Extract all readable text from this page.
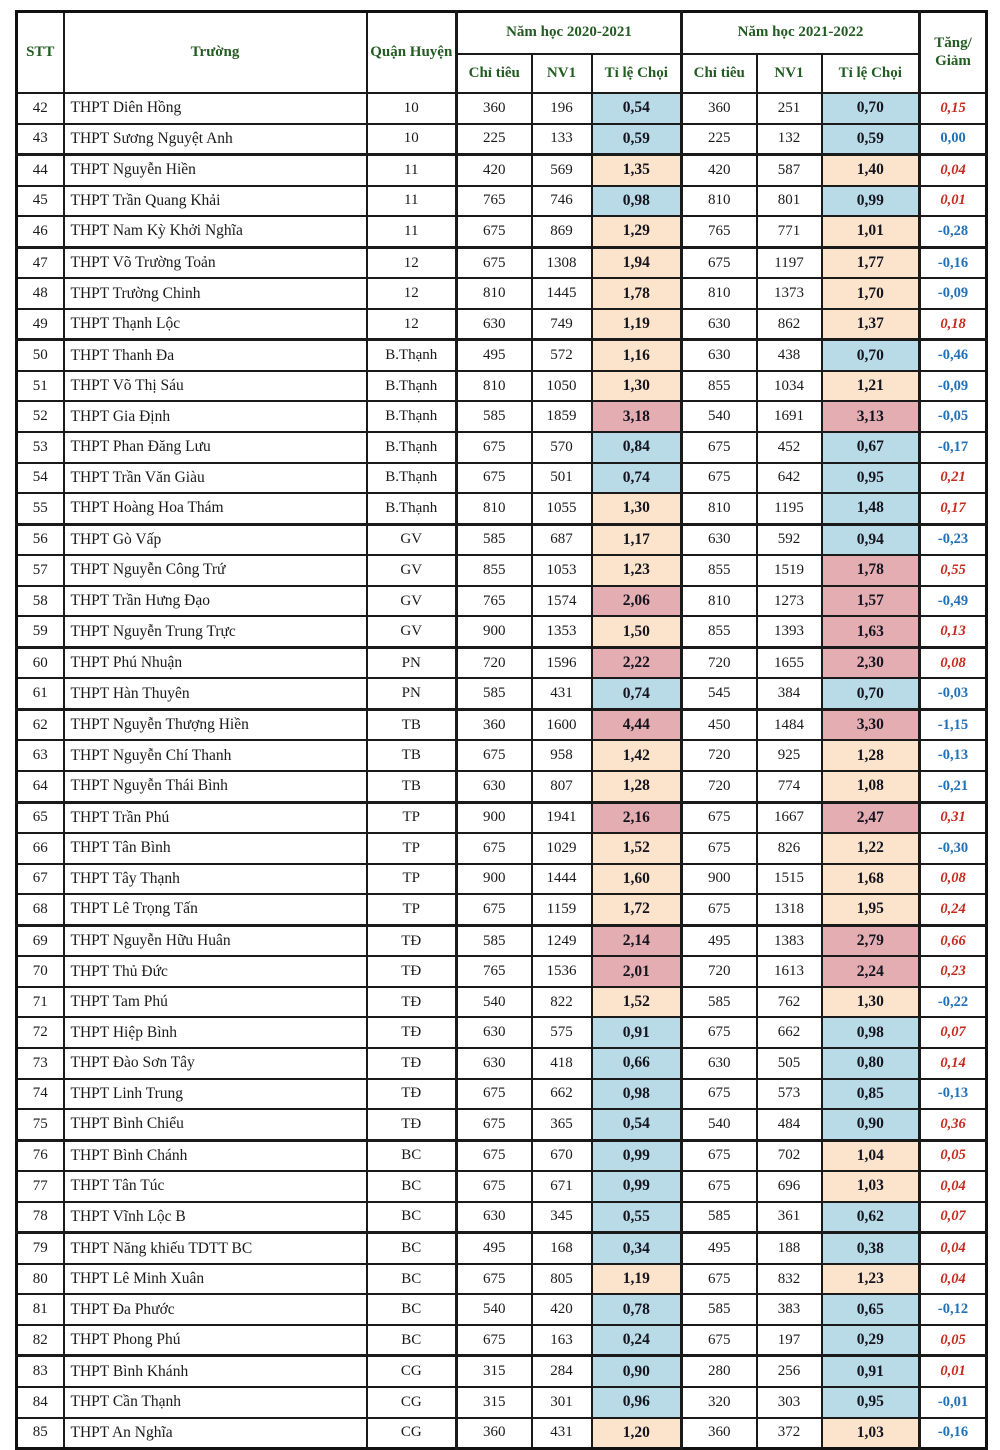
STT	Trường	Quận Huyện	Năm học 2020-2021			Năm học 2021-2022			Tăng/ Giảm
			Chỉ tiêu	NV1	Tỉ lệ Chọi	Chỉ tiêu	NV1	Tỉ lệ Chọi	
42	THPT Diên Hồng	10	360	196	0,54	360	251	0,70	0,15
43	THPT Sương Nguyệt Anh	10	225	133	0,59	225	132	0,59	0,00
44	THPT Nguyễn Hiền	11	420	569	1,35	420	587	1,40	0,04
45	THPT Trần Quang Khải	11	765	746	0,98	810	801	0,99	0,01
46	THPT Nam Kỳ Khởi Nghĩa	11	675	869	1,29	765	771	1,01	-0,28
47	THPT Võ Trường Toản	12	675	1308	1,94	675	1197	1,77	-0,16
48	THPT Trường Chinh	12	810	1445	1,78	810	1373	1,70	-0,09
49	THPT Thạnh Lộc	12	630	749	1,19	630	862	1,37	0,18
50	THPT Thanh Đa	B.Thạnh	495	572	1,16	630	438	0,70	-0,46
51	THPT Võ Thị Sáu	B.Thạnh	810	1050	1,30	855	1034	1,21	-0,09
52	THPT Gia Định	B.Thạnh	585	1859	3,18	540	1691	3,13	-0,05
53	THPT Phan Đăng Lưu	B.Thạnh	675	570	0,84	675	452	0,67	-0,17
54	THPT Trần Văn Giàu	B.Thạnh	675	501	0,74	675	642	0,95	0,21
55	THPT Hoàng Hoa Thám	B.Thạnh	810	1055	1,30	810	1195	1,48	0,17
56	THPT Gò Vấp	GV	585	687	1,17	630	592	0,94	-0,23
57	THPT Nguyễn Công Trứ	GV	855	1053	1,23	855	1519	1,78	0,55
58	THPT Trần Hưng Đạo	GV	765	1574	2,06	810	1273	1,57	-0,49
59	THPT Nguyễn Trung Trực	GV	900	1353	1,50	855	1393	1,63	0,13
60	THPT Phú Nhuận	PN	720	1596	2,22	720	1655	2,30	0,08
61	THPT Hàn Thuyên	PN	585	431	0,74	545	384	0,70	-0,03
62	THPT Nguyễn Thượng Hiền	TB	360	1600	4,44	450	1484	3,30	-1,15
63	THPT Nguyễn Chí Thanh	TB	675	958	1,42	720	925	1,28	-0,13
64	THPT Nguyễn Thái Bình	TB	630	807	1,28	720	774	1,08	-0,21
65	THPT Trần Phú	TP	900	1941	2,16	675	1667	2,47	0,31
66	THPT Tân Bình	TP	675	1029	1,52	675	826	1,22	-0,30
67	THPT Tây Thạnh	TP	900	1444	1,60	900	1515	1,68	0,08
68	THPT Lê Trọng Tấn	TP	675	1159	1,72	675	1318	1,95	0,24
69	THPT Nguyễn Hữu Huân	TĐ	585	1249	2,14	495	1383	2,79	0,66
70	THPT Thủ Đức	TĐ	765	1536	2,01	720	1613	2,24	0,23
71	THPT Tam Phú	TĐ	540	822	1,52	585	762	1,30	-0,22
72	THPT Hiệp Bình	TĐ	630	575	0,91	675	662	0,98	0,07
73	THPT Đào Sơn Tây	TĐ	630	418	0,66	630	505	0,80	0,14
74	THPT Linh Trung	TĐ	675	662	0,98	675	573	0,85	-0,13
75	THPT Bình Chiểu	TĐ	675	365	0,54	540	484	0,90	0,36
76	THPT Bình Chánh	BC	675	670	0,99	675	702	1,04	0,05
77	THPT Tân Túc	BC	675	671	0,99	675	696	1,03	0,04
78	THPT Vĩnh Lộc B	BC	630	345	0,55	585	361	0,62	0,07
79	THPT Năng khiếu TDTT BC	BC	495	168	0,34	495	188	0,38	0,04
80	THPT Lê Minh Xuân	BC	675	805	1,19	675	832	1,23	0,04
81	THPT Đa Phước	BC	540	420	0,78	585	383	0,65	-0,12
82	THPT Phong Phú	BC	675	163	0,24	675	197	0,29	0,05
83	THPT Bình Khánh	CG	315	284	0,90	280	256	0,91	0,01
84	THPT Cần Thạnh	CG	315	301	0,96	320	303	0,95	-0,01
85	THPT An Nghĩa	CG	360	431	1,20	360	372	1,03	-0,16
